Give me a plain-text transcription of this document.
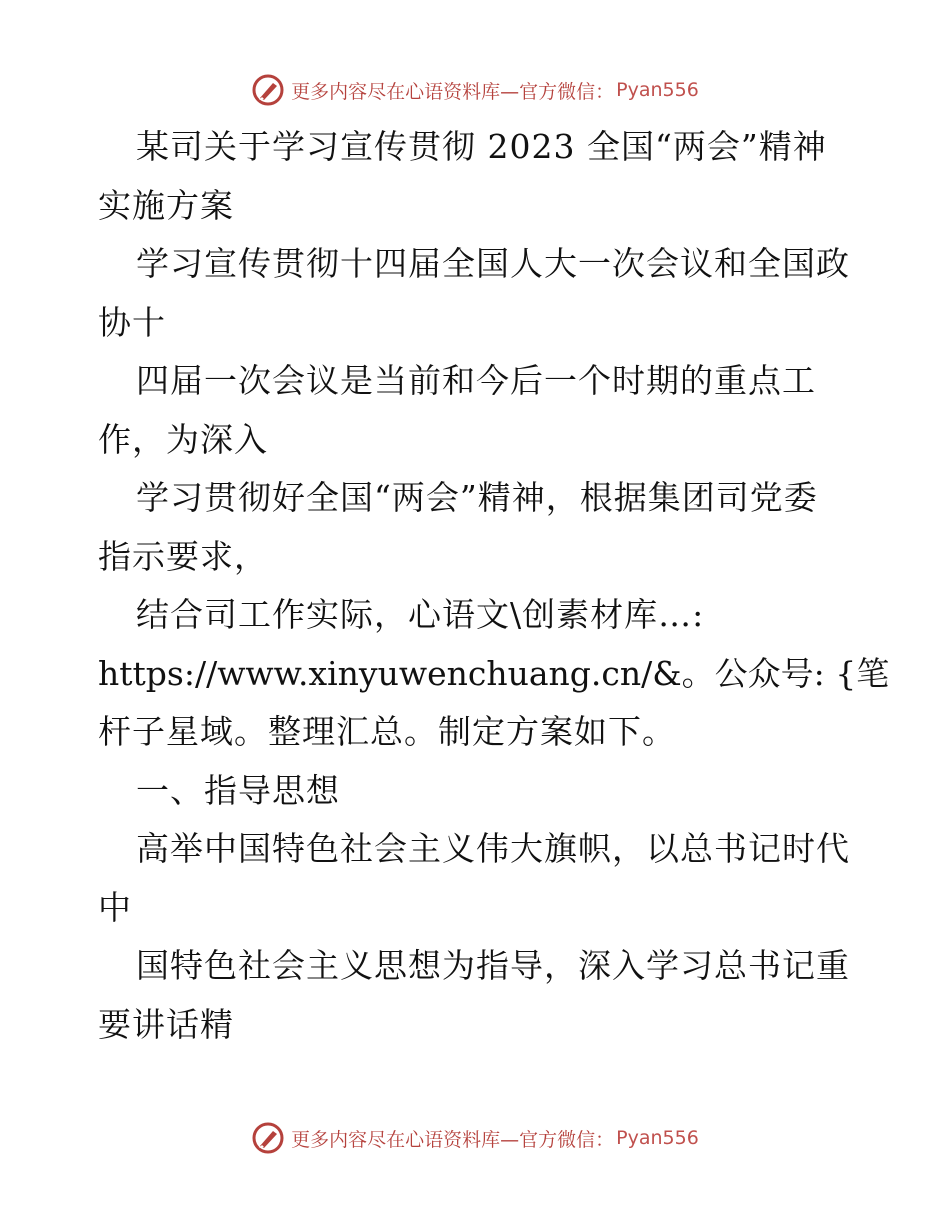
更多内容尽在心语资料库—官方微信： Pyan556
某司关于学习宣传贯彻 2023 全国“两会”精神
实施方案
学习宣传贯彻十四届全国人大一次会议和全国政
协十
四届一次会议是当前和今后一个时期的重点工
作，为深入
学习贯彻好全国“两会”精神，根据集团司党委
指示要求，
结合司工作实际，心语文\创素材库…:
https://www.xinyuwenchuang.cn/&。公众号: {笔
杆子星域。整理汇总。制定方案如下。
一、指导思想
高举中国特色社会主义伟大旗帜，以总书记时代
中
国特色社会主义思想为指导，深入学习总书记重
要讲话精
更多内容尽在心语资料库—官方微信： Pyan556
